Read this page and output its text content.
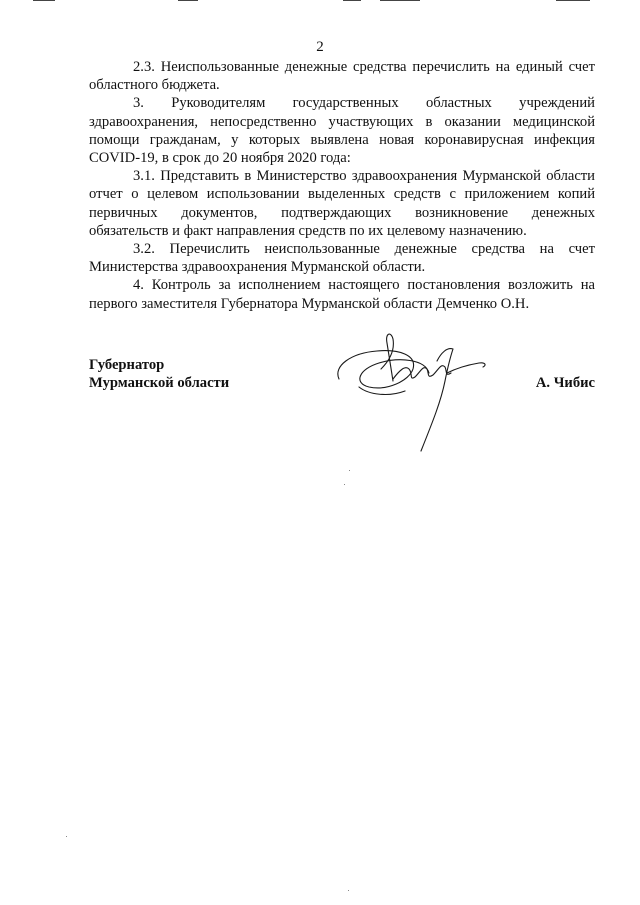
2

2.3. Неиспользованные денежные средства перечислить на единый счет областного бюджета.

3. Руководителям государственных областных учреждений здравоохранения, непосредственно участвующих в оказании медицинской помощи гражданам, у которых выявлена новая коронавирусная инфекция COVID-19, в срок до 20 ноября 2020 года:

3.1. Представить в Министерство здравоохранения Мурманской области отчет о целевом использовании выделенных средств с приложением копий первичных документов, подтверждающих возникновение денежных обязательств и факт направления средств по их целевому назначению.

3.2. Перечислить неиспользованные денежные средства на счет Министерства здравоохранения Мурманской области.

4. Контроль за исполнением настоящего постановления возложить на первого заместителя Губернатора Мурманской области Демченко О.Н.

Губернатор
Мурманской области	А. Чибис
